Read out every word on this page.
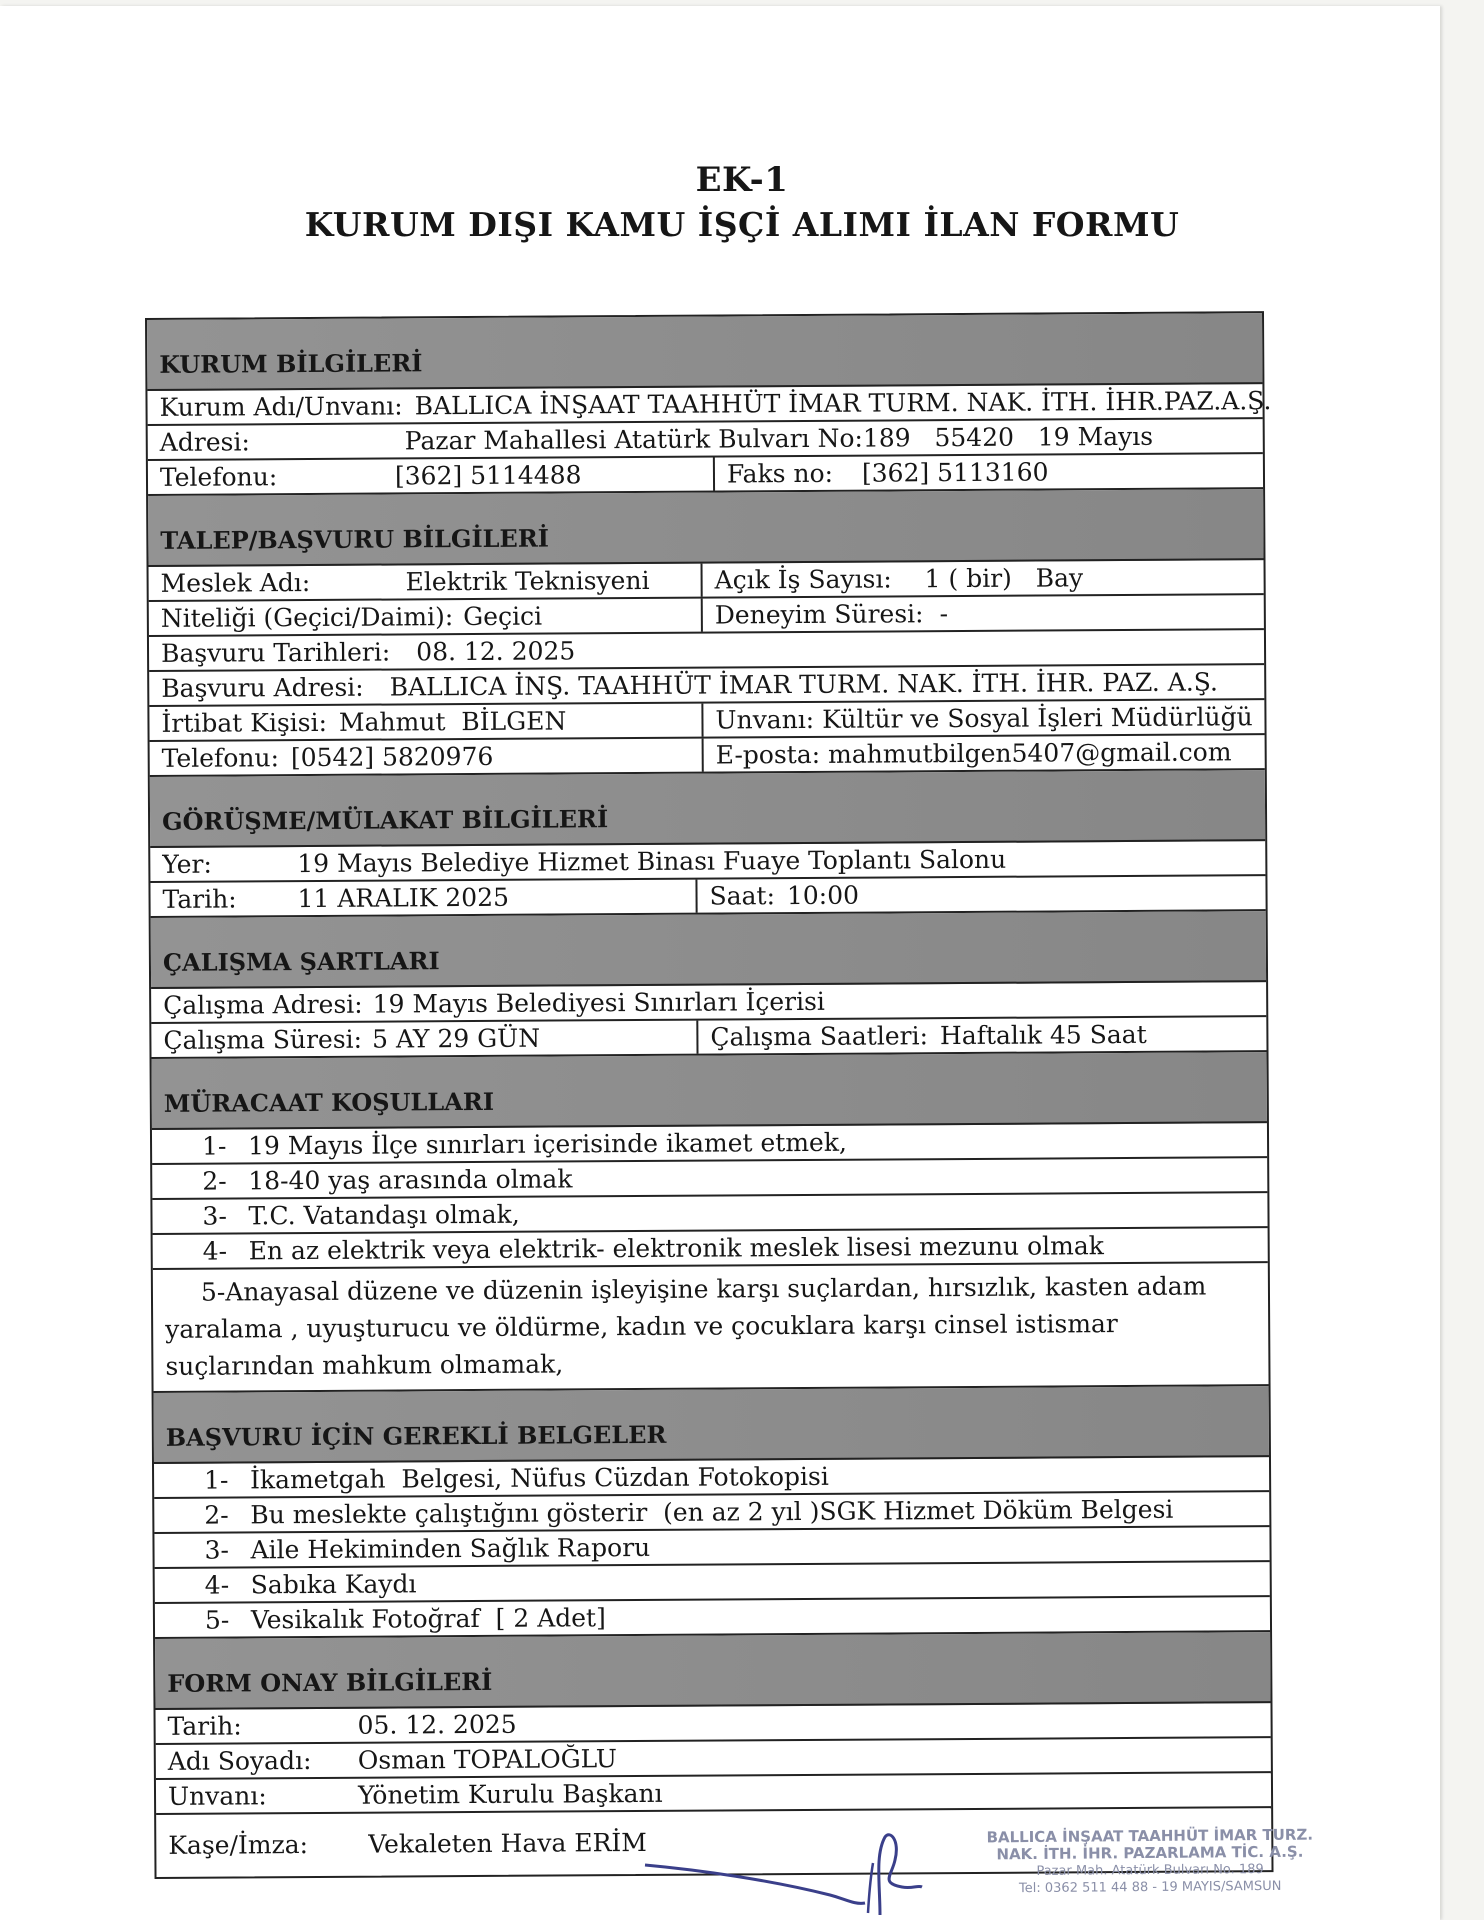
EK-1
KURUM DIŞI KAMU İŞÇİ ALIMI İLAN FORMU
KURUM BİLGİLERİ
Kurum Adı/Unvanı: BALLICA İNŞAAT TAAHHÜT İMAR TURM. NAK. İTH. İHR.PAZ.A.Ş.
Adresi:	Pazar Mahallesi Atatürk Bulvarı No:189   55420   19 Mayıs
Telefonu:	[362] 5114488	Faks no:	[362] 5113160
TALEP/BAŞVURU BİLGİLERİ
Meslek Adı:	Elektrik Teknisyeni	Açık İş Sayısı:	1 ( bir)   Bay
Niteliği (Geçici/Daimi): Geçici	Deneyim Süresi: -
Başvuru Tarihleri: 08. 12. 2025
Başvuru Adresi: BALLICA İNŞ. TAAHHÜT İMAR TURM. NAK. İTH. İHR. PAZ. A.Ş.
İrtibat Kişisi: Mahmut  BİLGEN	Unvanı: Kültür ve Sosyal İşleri Müdürlüğü
Telefonu: [0542] 5820976	E-posta: mahmutbilgen5407@gmail.com
GÖRÜŞME/MÜLAKAT BİLGİLERİ
Yer:	19 Mayıs Belediye Hizmet Binası Fuaye Toplantı Salonu
Tarih:	11 ARALIK 2025	Saat: 10:00
ÇALIŞMA ŞARTLARI
Çalışma Adresi: 19 Mayıs Belediyesi Sınırları İçerisi
Çalışma Süresi: 5 AY 29 GÜN	Çalışma Saatleri: Haftalık 45 Saat
MÜRACAAT KOŞULLARI
1- 19 Mayıs İlçe sınırları içerisinde ikamet etmek,
2- 18-40 yaş arasında olmak
3- T.C. Vatandaşı olmak,
4- En az elektrik veya elektrik- elektronik meslek lisesi mezunu olmak
5-Anayasal düzene ve düzenin işleyişine karşı suçlardan, hırsızlık, kasten adam yaralama , uyuşturucu ve öldürme, kadın ve çocuklara karşı cinsel istismar suçlarından mahkum olmamak,
BAŞVURU İÇİN GEREKLİ BELGELER
1- İkametgah  Belgesi, Nüfus Cüzdan Fotokopisi
2- Bu meslekte çalıştığını gösterir  (en az 2 yıl )SGK Hizmet Döküm Belgesi
3- Aile Hekiminden Sağlık Raporu
4- Sabıka Kaydı
5- Vesikalık Fotoğraf  [ 2 Adet]
FORM ONAY BİLGİLERİ
Tarih:	05. 12. 2025
Adı Soyadı:	Osman TOPALOĞLU
Unvanı:	Yönetim Kurulu Başkanı
Kaşe/İmza:	Vekaleten Hava ERİM	BALLICA İNŞAAT TAAHHÜT İMAR TURZ.
NAK. İTH. İHR. PAZARLAMA TİC. A.Ş.
Pazar Mah. Atatürk Bulvarı No. 189
Tel: 0362 511 44 88 - 19 MAYIS/SAMSUN
